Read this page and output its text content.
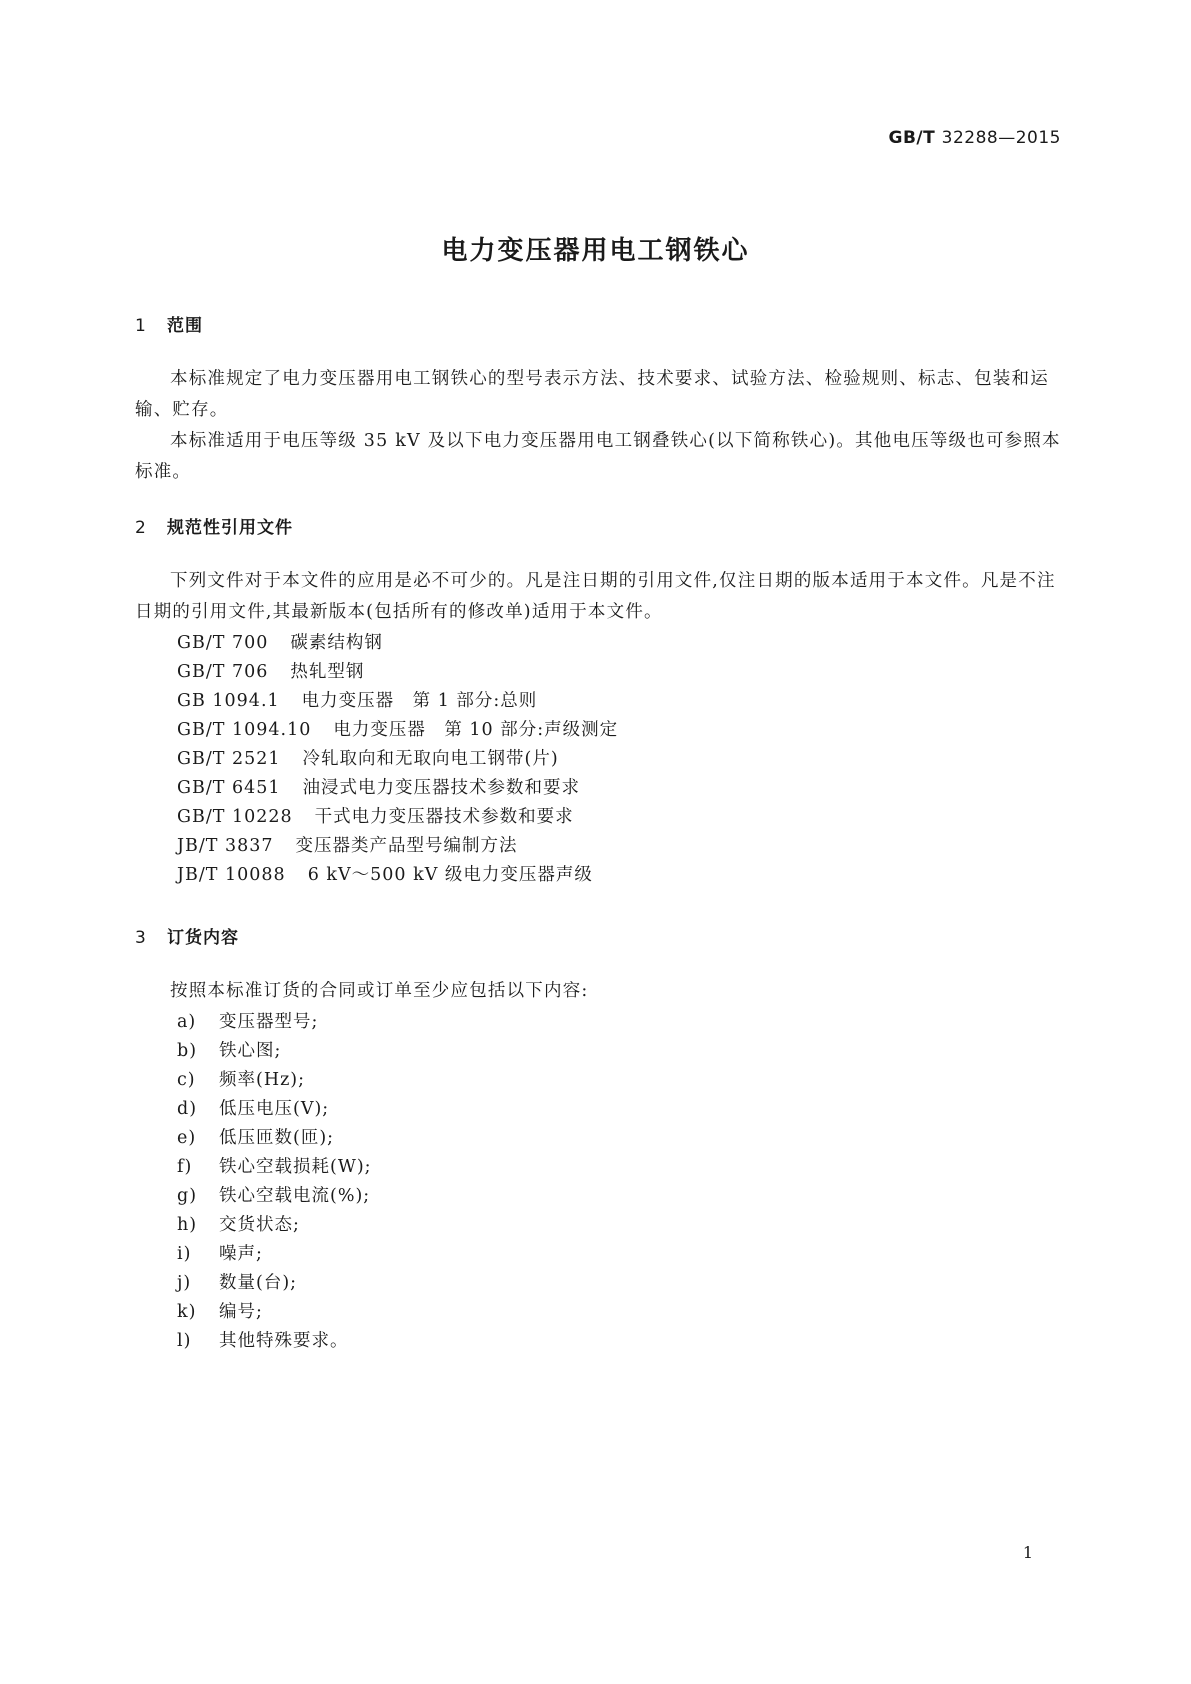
GB/T 32288—2015
电力变压器用电工钢铁心
1 范围

本标准规定了电力变压器用电工钢铁心的型号表示方法、技术要求、试验方法、检验规则、标志、包装和运输、贮存。

本标准适用于电压等级 35 kV 及以下电力变压器用电工钢叠铁心(以下简称铁心)。其他电压等级也可参照本标准。

2 规范性引用文件

下列文件对于本文件的应用是必不可少的。凡是注日期的引用文件,仅注日期的版本适用于本文件。凡是不注日期的引用文件,其最新版本(包括所有的修改单)适用于本文件。

GB/T 700 碳素结构钢
GB/T 706 热轧型钢
GB 1094.1 电力变压器　第 1 部分:总则
GB/T 1094.10 电力变压器　第 10 部分:声级测定
GB/T 2521 冷轧取向和无取向电工钢带(片)
GB/T 6451 油浸式电力变压器技术参数和要求
GB/T 10228 干式电力变压器技术参数和要求
JB/T 3837 变压器类产品型号编制方法
JB/T 10088 6 kV～500 kV 级电力变压器声级
3 订货内容

按照本标准订货的合同或订单至少应包括以下内容:

a) 变压器型号;
b) 铁心图;
c) 频率(Hz);
d) 低压电压(V);
e) 低压匝数(匝);
f) 铁心空载损耗(W);
g) 铁心空载电流(%);
h) 交货状态;
i) 噪声;
j) 数量(台);
k) 编号;
l) 其他特殊要求。
1
